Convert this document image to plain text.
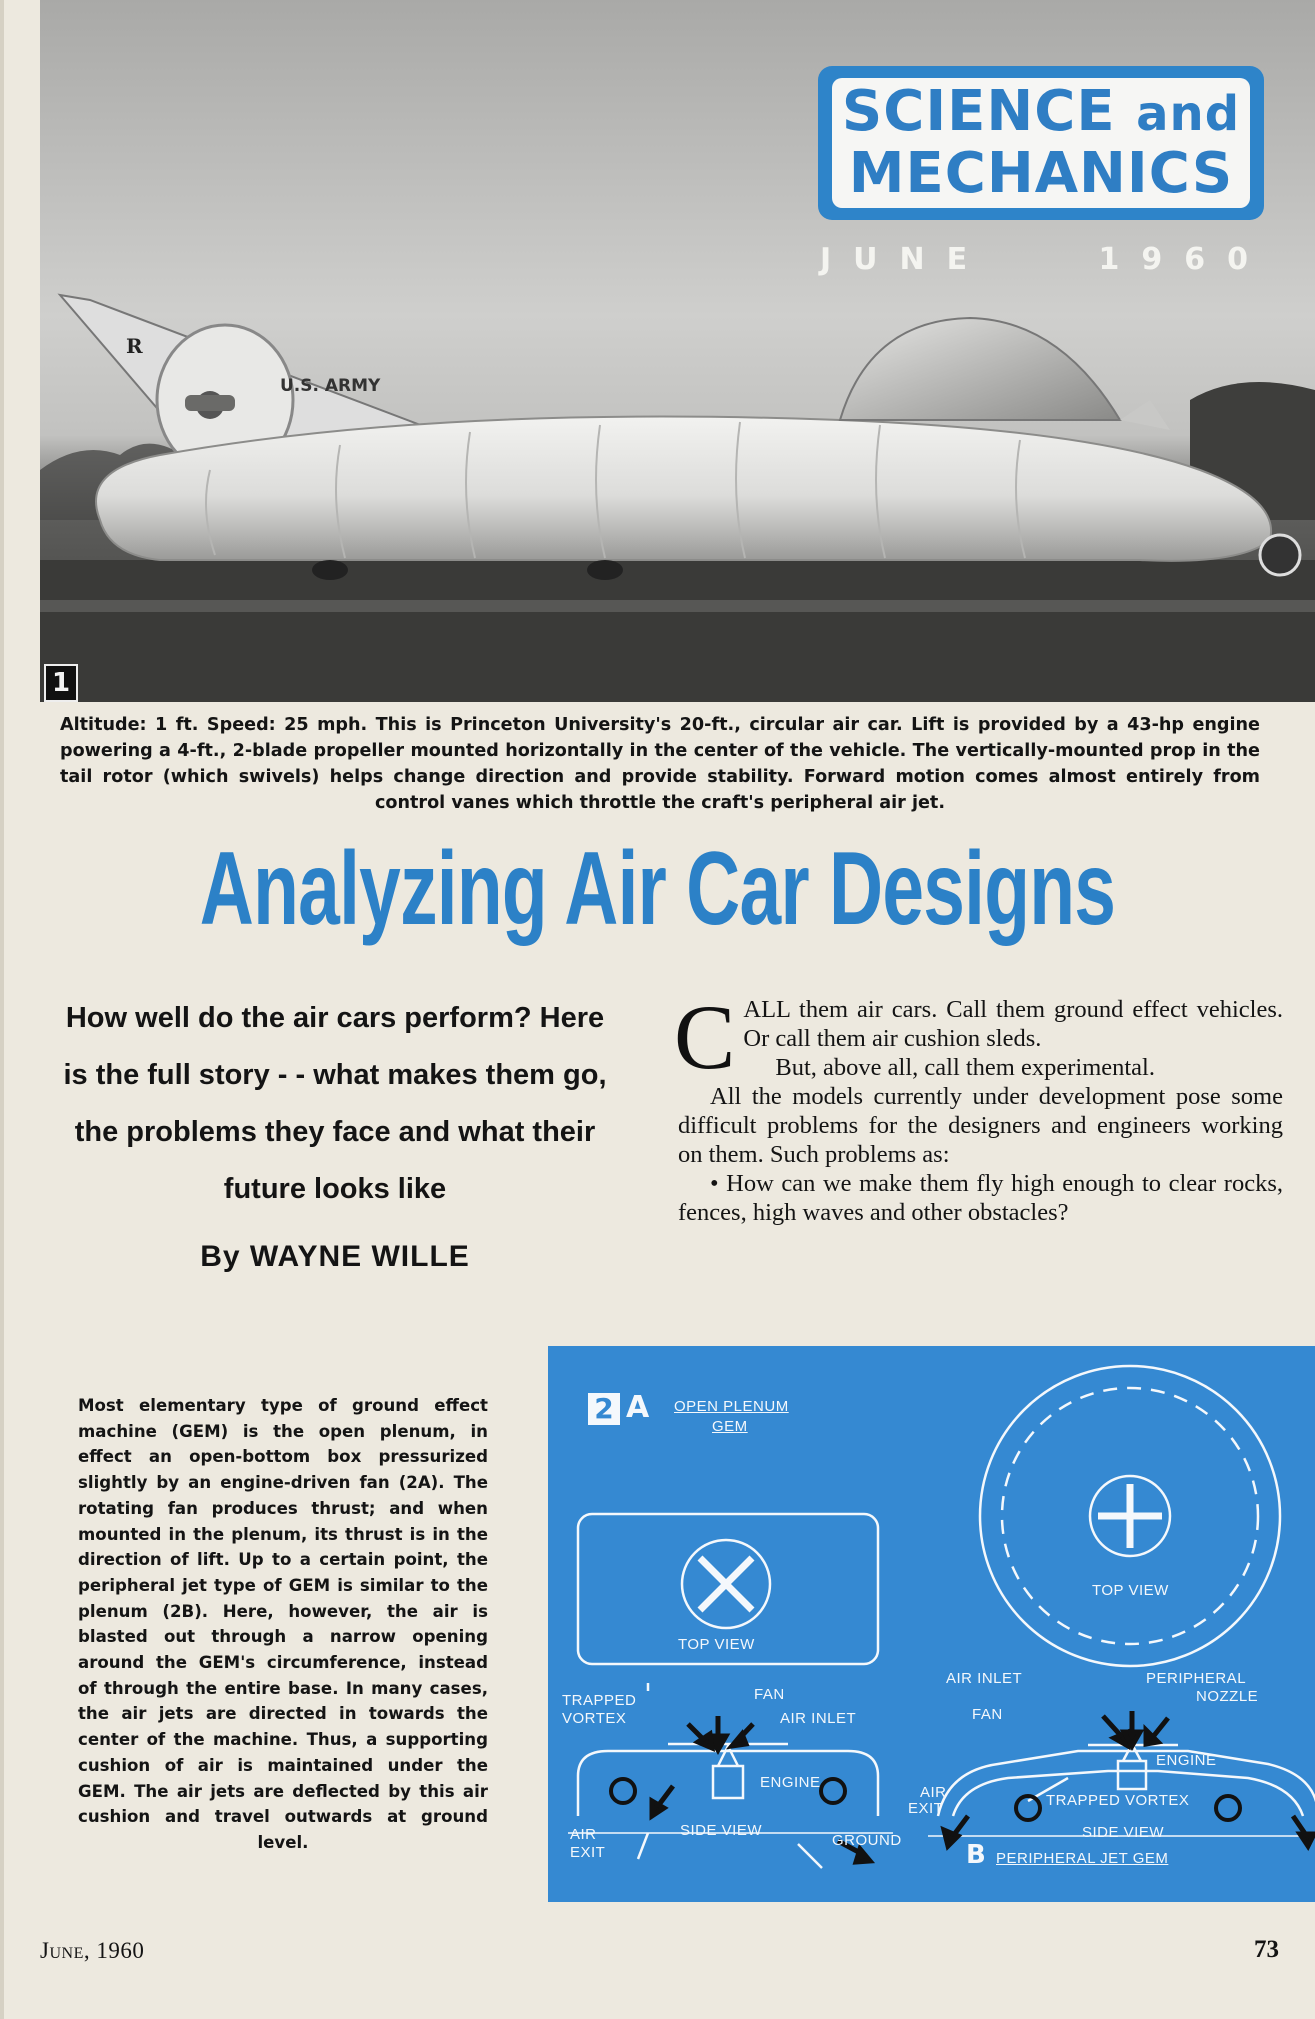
1
U.S. ARMY
R
SCIENCE and
MECHANICS
JUNE	1960
Altitude: 1 ft. Speed: 25 mph. This is Princeton University's 20-ft., circular air car. Lift is provided by a 43-hp engine powering a 4-ft., 2-blade propeller mounted horizontally in the center of the vehicle. The vertically-mounted prop in the tail rotor (which swivels) helps change direction and provide stability. Forward motion comes almost entirely from control vanes which throttle the craft's peripheral air jet.
Analyzing Air Car Designs
How well do the air cars perform? Here is the full story - - what makes them go, the problems they face and what their future looks like
By WAYNE WILLE

CALL them air cars. Call them ground effect vehicles. Or call them air cushion sleds.

But, above all, call them experimental.

All the models currently under development pose some difficult problems for the designers and engineers working on them. Such problems as:

• How can we make them fly high enough to clear rocks, fences, high waves and other obstacles?

Most elementary type of ground effect machine (GEM) is the open plenum, in effect an open-bottom box pressurized slightly by an engine-driven fan (2A). The rotating fan produces thrust; and when mounted in the plenum, its thrust is in the direction of lift. Up to a certain point, the peripheral jet type of GEM is similar to the plenum (2B). Here, however, the air is blasted out through a narrow opening around the GEM's circumference, instead of through the entire base. In many cases, the air jets are directed in towards the center of the machine. Thus, a supporting cushion of air is maintained under the GEM. The air jets are deflected by this air cushion and travel outwards at ground level.
2 A OPEN PLENUM
GEM
TOP VIEW
TRAPPED
VORTEX
FAN
AIR INLET
ENGINE
AIR
EXIT
SIDE VIEW
GROUND
TOP VIEW
AIR INLET	PERIPHERAL
NOZZLE
FAN
ENGINE
AIR
EXIT	TRAPPED VORTEX
SIDE VIEW
B PERIPHERAL JET GEM
June, 1960	73
